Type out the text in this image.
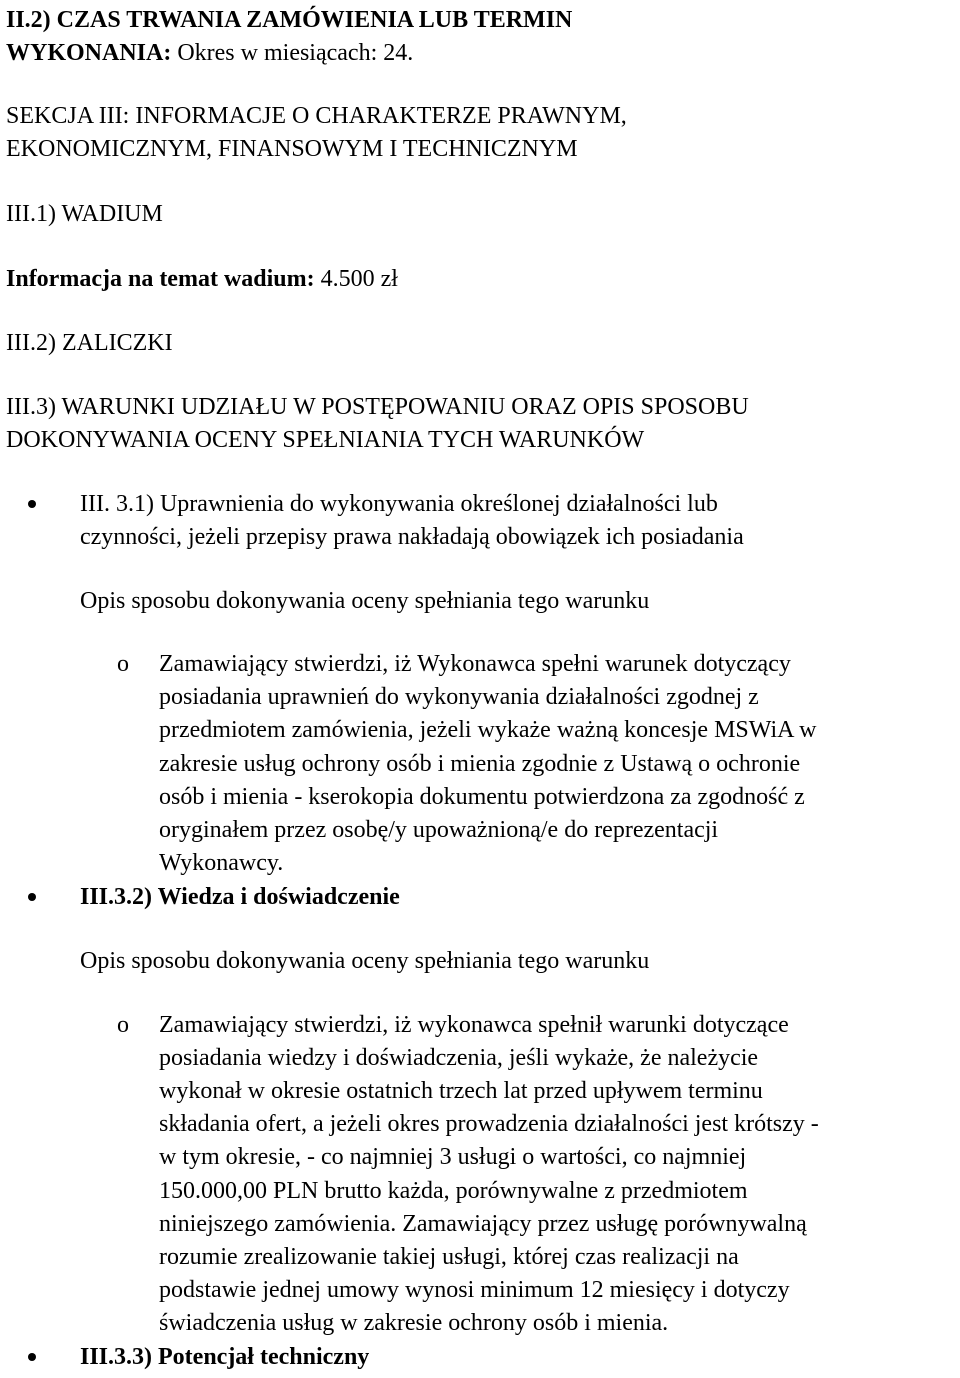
II.2) CZAS TRWANIA ZAMÓWIENIA LUB TERMIN
WYKONANIA: Okres w miesiącach: 24.
SEKCJA III: INFORMACJE O CHARAKTERZE PRAWNYM,
EKONOMICZNYM, FINANSOWYM I TECHNICZNYM
III.1) WADIUM
Informacja na temat wadium: 4.500 zł
III.2) ZALICZKI
III.3) WARUNKI UDZIAŁU W POSTĘPOWANIU ORAZ OPIS SPOSOBU
DOKONYWANIA OCENY SPEŁNIANIA TYCH WARUNKÓW
III. 3.1) Uprawnienia do wykonywania określonej działalności lub
czynności, jeżeli przepisy prawa nakładają obowiązek ich posiadania
Opis sposobu dokonywania oceny spełniania tego warunku
o Zamawiający stwierdzi, iż Wykonawca spełni warunek dotyczący
posiadania uprawnień do wykonywania działalności zgodnej z
przedmiotem zamówienia, jeżeli wykaże ważną koncesje MSWiA w
zakresie usług ochrony osób i mienia zgodnie z Ustawą o ochronie
osób i mienia - kserokopia dokumentu potwierdzona za zgodność z
oryginałem przez osobę/y upoważnioną/e do reprezentacji
Wykonawcy.
III.3.2) Wiedza i doświadczenie
Opis sposobu dokonywania oceny spełniania tego warunku
o Zamawiający stwierdzi, iż wykonawca spełnił warunki dotyczące
posiadania wiedzy i doświadczenia, jeśli wykaże, że należycie
wykonał w okresie ostatnich trzech lat przed upływem terminu
składania ofert, a jeżeli okres prowadzenia działalności jest krótszy -
w tym okresie, - co najmniej 3 usługi o wartości, co najmniej
150.000,00 PLN brutto każda, porównywalne z przedmiotem
niniejszego zamówienia. Zamawiający przez usługę porównywalną
rozumie zrealizowanie takiej usługi, której czas realizacji na
podstawie jednej umowy wynosi minimum 12 miesięcy i dotyczy
świadczenia usług w zakresie ochrony osób i mienia.
III.3.3) Potencjał techniczny
